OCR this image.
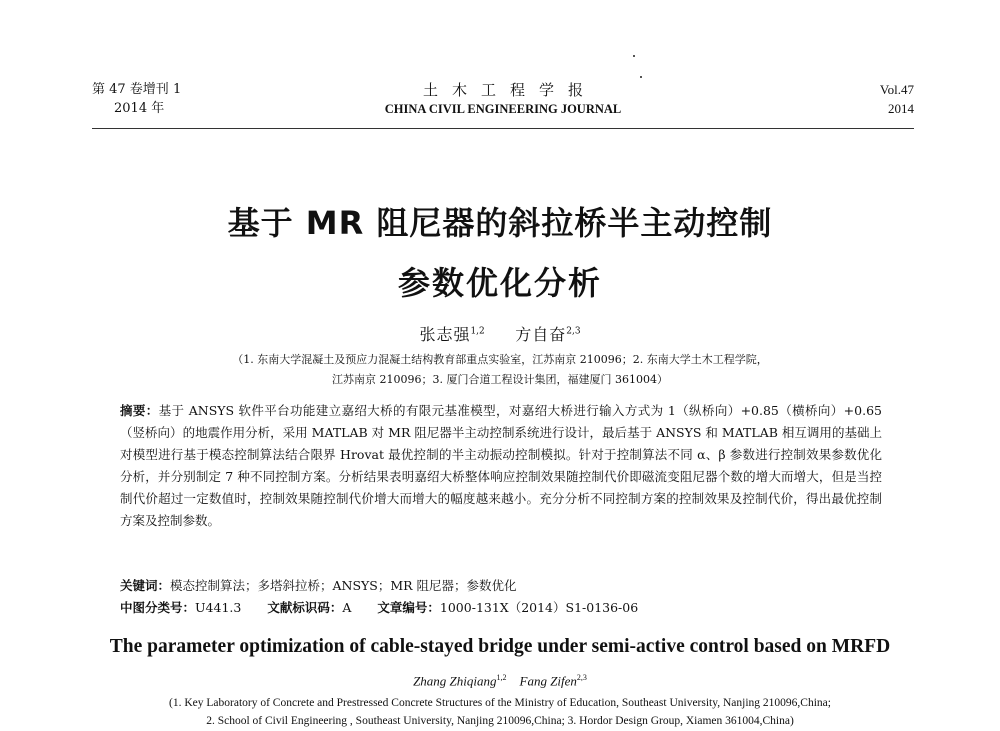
第 47 卷增刊 1
2014 年
土木工程学报
CHINA CIVIL ENGINEERING JOURNAL
Vol.47
2014
基于 MR 阻尼器的斜拉桥半主动控制
参数优化分析
张志强$^{1,2}$ 方自奋$^{2,3}$
（1. 东南大学混凝土及预应力混凝土结构教育部重点实验室，江苏南京 210096；2. 东南大学土木工程学院，
江苏南京 210096；3. 厦门合道工程设计集团，福建厦门 361004）
摘要：基于 ANSYS 软件平台功能建立嘉绍大桥的有限元基准模型，对嘉绍大桥进行输入方式为 1（纵桥向）+0.85（横桥向）+0.65（竖桥向）的地震作用分析，采用 MATLAB 对 MR 阻尼器半主动控制系统进行设计，最后基于 ANSYS 和 MATLAB 相互调用的基础上对模型进行基于模态控制算法结合限界 Hrovat 最优控制的半主动振动控制模拟。针对于控制算法不同 α、β 参数进行控制效果参数优化分析，并分别制定 7 种不同控制方案。分析结果表明嘉绍大桥整体响应控制效果随控制代价即磁流变阻尼器个数的增大而增大，但是当控制代价超过一定数值时，控制效果随控制代价增大而增大的幅度越来越小。充分分析不同控制方案的控制效果及控制代价，得出最优控制方案及控制参数。
关键词：模态控制算法；多塔斜拉桥；ANSYS；MR 阻尼器；参数优化
中图分类号：U441.3 文献标识码：A 文章编号：1000-131X（2014）S1-0136-06
The parameter optimization of cable-stayed bridge under semi-active control based on MRFD
Zhang Zhiqiang$^{1,2}$ Fang Zifen$^{2,3}$
(1. Key Laboratory of Concrete and Prestressed Concrete Structures of the Ministry of Education, Southeast University, Nanjing 210096,China;
2. School of Civil Engineering , Southeast University, Nanjing 210096,China; 3. Hordor Design Group, Xiamen 361004,China)
